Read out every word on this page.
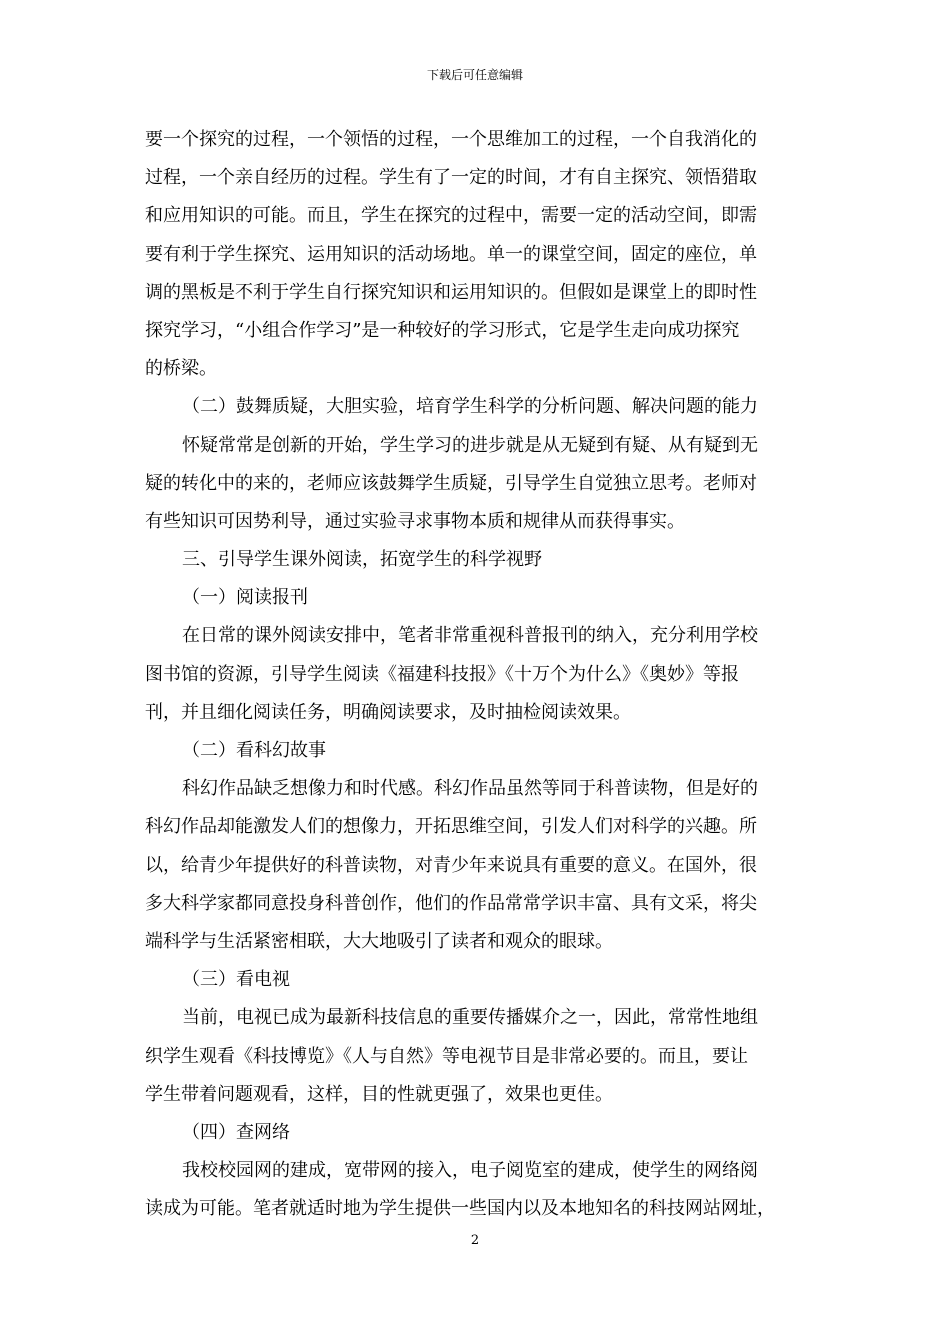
下载后可任意编辑
要一个探究的过程，一个领悟的过程，一个思维加工的过程，一个自我消化的
过程，一个亲自经历的过程。学生有了一定的时间，才有自主探究、领悟猎取
和应用知识的可能。而且，学生在探究的过程中，需要一定的活动空间，即需
要有利于学生探究、运用知识的活动场地。单一的课堂空间，固定的座位，单
调的黑板是不利于学生自行探究知识和运用知识的。但假如是课堂上的即时性
探究学习，“小组合作学习”是一种较好的学习形式，它是学生走向成功探究
的桥梁。
（二）鼓舞质疑，大胆实验，培育学生科学的分析问题、解决问题的能力
怀疑常常是创新的开始，学生学习的进步就是从无疑到有疑、从有疑到无
疑的转化中的来的，老师应该鼓舞学生质疑，引导学生自觉独立思考。老师对
有些知识可因势利导，通过实验寻求事物本质和规律从而获得事实。
三、引导学生课外阅读，拓宽学生的科学视野
（一）阅读报刊
在日常的课外阅读安排中，笔者非常重视科普报刊的纳入，充分利用学校
图书馆的资源，引导学生阅读《福建科技报》《十万个为什么》《奥妙》等报
刊，并且细化阅读任务，明确阅读要求，及时抽检阅读效果。
（二）看科幻故事
科幻作品缺乏想像力和时代感。科幻作品虽然等同于科普读物，但是好的
科幻作品却能激发人们的想像力，开拓思维空间，引发人们对科学的兴趣。所
以，给青少年提供好的科普读物，对青少年来说具有重要的意义。在国外，很
多大科学家都同意投身科普创作，他们的作品常常学识丰富、具有文采，将尖
端科学与生活紧密相联，大大地吸引了读者和观众的眼球。
（三）看电视
当前，电视已成为最新科技信息的重要传播媒介之一，因此，常常性地组
织学生观看《科技博览》《人与自然》等电视节目是非常必要的。而且，要让
学生带着问题观看，这样，目的性就更强了，效果也更佳。
（四）查网络
我校校园网的建成，宽带网的接入，电子阅览室的建成，使学生的网络阅
读成为可能。笔者就适时地为学生提供一些国内以及本地知名的科技网站网址，
2
